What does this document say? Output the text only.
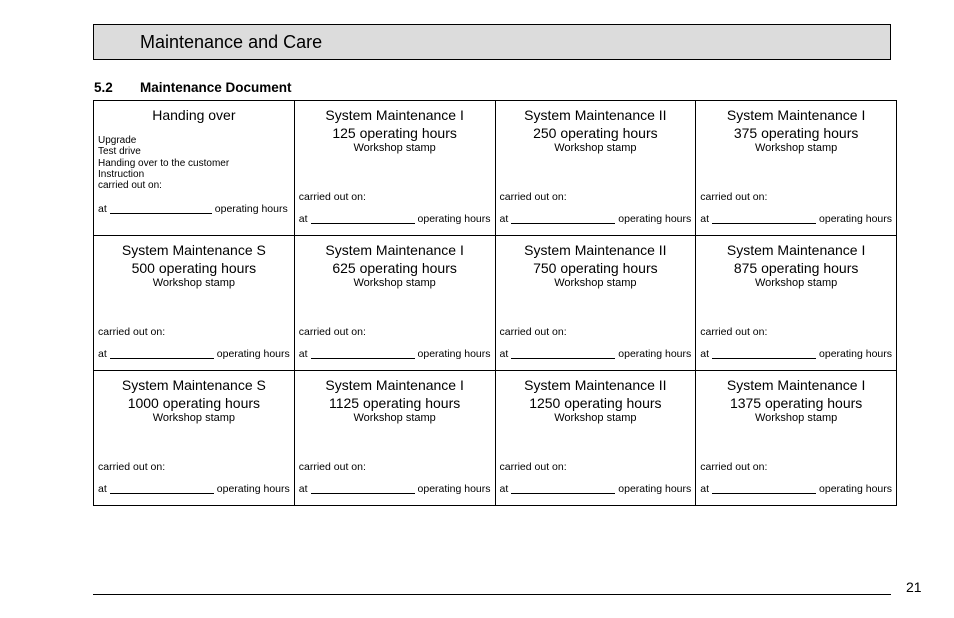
Maintenance and Care
5.2 Maintenance Document
Handing over
Upgrade
Test drive
Handing over to the customer
Instruction
carried out on:
at	operating hours
System Maintenance I
125 operating hours
Workshop stamp
carried out on:
at	operating hours
System Maintenance II
250 operating hours
Workshop stamp
carried out on:
at	operating hours
System Maintenance I
375 operating hours
Workshop stamp
carried out on:
at	operating hours
System Maintenance S
500 operating hours
Workshop stamp
carried out on:
at	operating hours
System Maintenance I
625 operating hours
Workshop stamp
carried out on:
at	operating hours
System Maintenance II
750 operating hours
Workshop stamp
carried out on:
at	operating hours
System Maintenance I
875 operating hours
Workshop stamp
carried out on:
at	operating hours
System Maintenance S
1000 operating hours
Workshop stamp
carried out on:
at	operating hours
System Maintenance I
1125 operating hours
Workshop stamp
carried out on:
at	operating hours
System Maintenance II
1250 operating hours
Workshop stamp
carried out on:
at	operating hours
System Maintenance I
1375 operating hours
Workshop stamp
carried out on:
at	operating hours
21
